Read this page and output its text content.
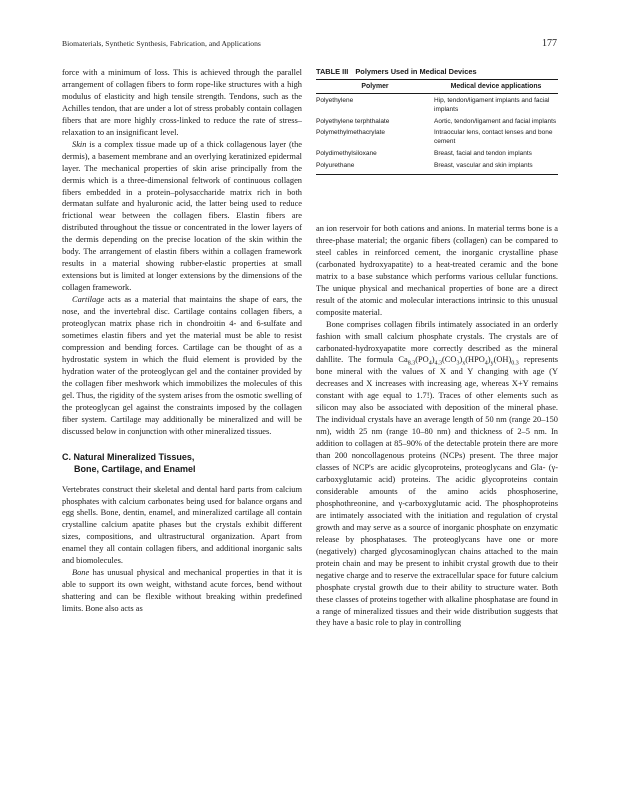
Biomaterials, Synthetic Synthesis, Fabrication, and Applications	177

force with a minimum of loss. This is achieved through the parallel arrangement of collagen fibers to form rope-like structures with a high modulus of elasticity and high tensile strength. Tendons, such as the Achilles tendon, that are under a lot of stress probably contain collagen fibers that are more highly cross-linked to reduce the rate of stress–relaxation to an insignificant level.

Skin is a complex tissue made up of a thick collagenous layer (the dermis), a basement membrane and an overlying keratinized epidermal layer. The mechanical properties of skin arise principally from the dermis which is a three-dimensional feltwork of continuous collagen fibers embedded in a protein–polysaccharide matrix rich in both dermatan sulfate and hyaluronic acid, the latter being used to reduce frictional wear between the collagen fibers. Elastin fibers are distributed throughout the tissue or concentrated in the lower layers of the dermis depending on the precise location of the skin within the body. The arrangement of elastin fibers within a collagen framework results in a material showing rubber-elastic properties at small extensions but is limited at longer extensions by the dimensions of the collagen framework.

Cartilage acts as a material that maintains the shape of ears, the nose, and the invertebral disc. Cartilage contains collagen fibers, a proteoglycan matrix phase rich in chondroitin 4- and 6-sulfate and sometimes elastin fibers and yet the material must be able to resist compression and bending forces. Cartilage can be thought of as a hydrostatic system in which the fluid element is provided by the hydration water of the proteoglycan gel and the container provided by the collagen fiber meshwork which immobilizes the molecules of this gel. Thus, the rigidity of the system arises from the osmotic swelling of the proteoglycan gel against the constraints imposed by the collagen fiber system. Cartilage may additionally be mineralized and will be discussed below in conjunction with other mineralized tissues.

C. Natural Mineralized Tissues,
Bone, Cartilage, and Enamel

Vertebrates construct their skeletal and dental hard parts from calcium phosphates with calcium carbonates being used for balance organs and egg shells. Bone, dentin, enamel, and mineralized cartilage all contain crystalline calcium apatite phases but the crystals exhibit different sizes, compositions, and ultrastructural organization. Apart from enamel they all contain collagen fibers, and additional inorganic salts and biomolecules.

Bone has unusual physical and mechanical properties in that it is able to support its own weight, withstand acute forces, bend without shattering and can be flexible without breaking within predefined limits. Bone also acts as

TABLE III Polymers Used in Medical Devices
Polymer	Medical device applications
Polyethylene	Hip, tendon/ligament implants and facial implants
Polyethylene terphthalate	Aortic, tendon/ligament and facial implants
Polymethylmethacrylate	Intraocular lens, contact lenses and bone cement
Polydimethylsiloxane	Breast, facial and tendon implants
Polyurethane	Breast, vascular and skin implants

an ion reservoir for both cations and anions. In material terms bone is a three-phase material; the organic fibers (collagen) can be compared to steel cables in reinforced cement, the inorganic crystalline phase (carbonated hydroxyapatite) to a heat-treated ceramic and the bone matrix to a base substance which performs various cellular functions. The unique physical and mechanical properties of bone are a direct result of the atomic and molecular interactions intrinsic to this unusual composite material.

Bone comprises collagen fibrils intimately associated in an orderly fashion with small calcium phosphate crystals. The crystals are of carbonated-hydroxyapatite more correctly described as the mineral dahllite. The formula $Ca_{8.3}(PO_4)_{4.3}(CO_3)_x(HPO_4)_y(OH)_{0.3}$ represents bone mineral with the values of X and Y changing with age (Y decreases and X increases with increasing age, whereas X+Y remains constant with age equal to 1.7!). Traces of other elements such as silicon may also be associated with deposition of the mineral phase. The individual crystals have an average length of 50 nm (range 20–150 nm), width 25 nm (range 10–80 nm) and thickness of 2–5 nm. In addition to collagen at 85–90% of the detectable protein there are more than 200 noncollagenous proteins (NCPs) present. The three major classes of NCP's are acidic glycoproteins, proteoglycans and Gla- (γ-carboxyglutamic acid) proteins. The acidic glycoproteins contain considerable amounts of the amino acids phosphoserine, phosphothreonine, and γ-carboxyglutamic acid. The phosphoproteins are intimately associated with the initiation and regulation of crystal growth and may serve as a source of inorganic phosphate on enzymatic release by phosphatases. The proteoglycans have one or more (negatively) charged glycosaminoglycan chains attached to the main protein chain and may be present to inhibit crystal growth due to their negative charge and to reserve the extracellular space for future calcium phosphate crystal growth due to their ability to structure water. Both these classes of proteins together with alkaline phosphatase are found in a range of mineralized tissues and their wide distribution suggests that they have a basic role to play in controlling
